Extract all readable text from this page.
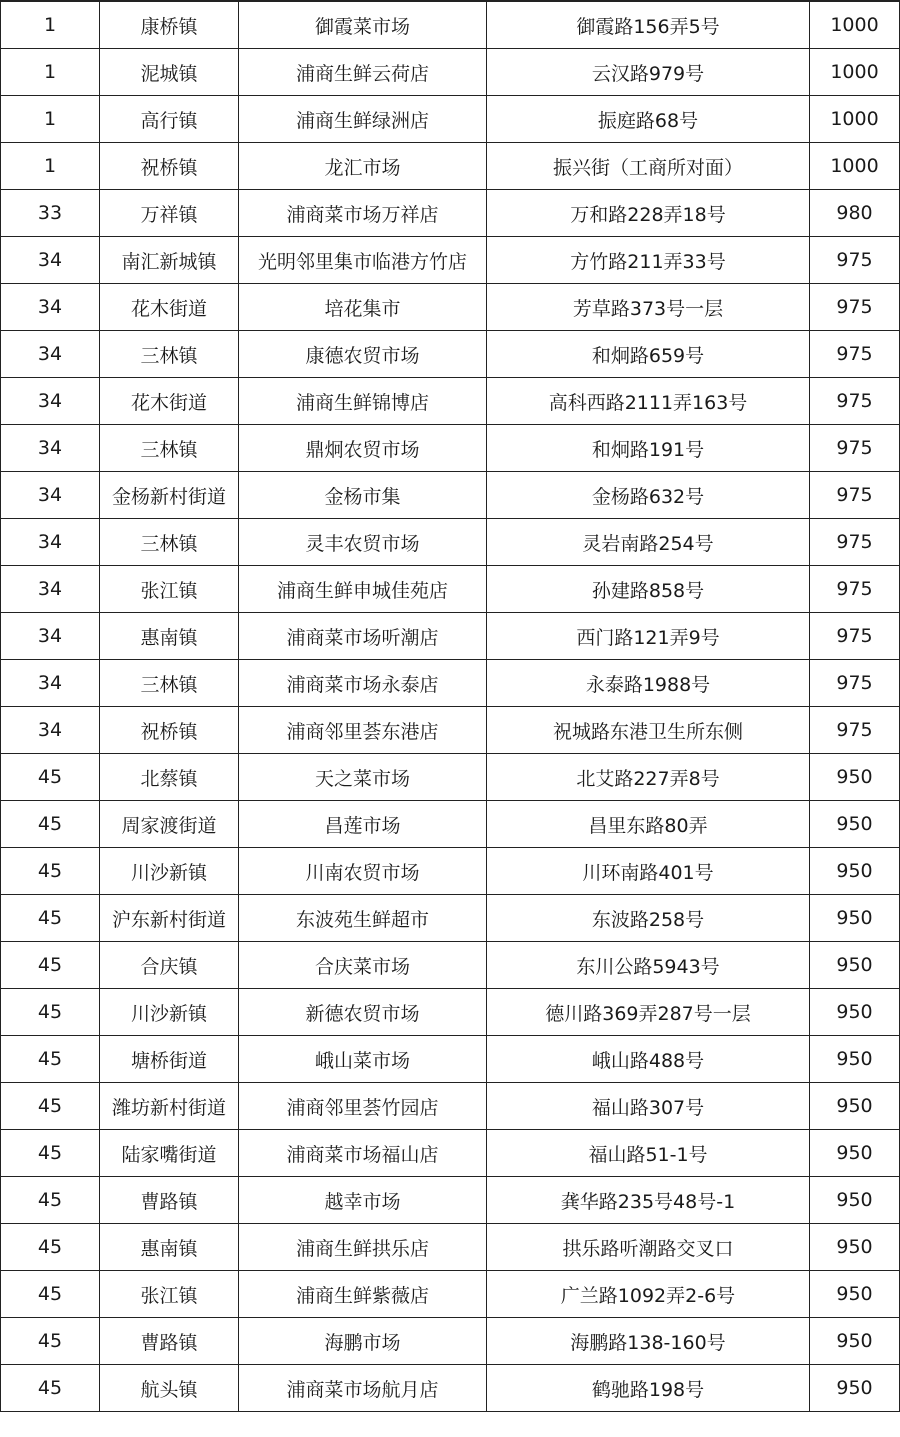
1	康桥镇	御霞菜市场	御霞路156弄5号	1000
1	泥城镇	浦商生鲜云荷店	云汉路979号	1000
1	高行镇	浦商生鲜绿洲店	振庭路68号	1000
1	祝桥镇	龙汇市场	振兴街（工商所对面）	1000
33	万祥镇	浦商菜市场万祥店	万和路228弄18号	980
34	南汇新城镇	光明邻里集市临港方竹店	方竹路211弄33号	975
34	花木街道	培花集市	芳草路373号一层	975
34	三林镇	康德农贸市场	和炯路659号	975
34	花木街道	浦商生鲜锦博店	高科西路2111弄163号	975
34	三林镇	鼎炯农贸市场	和炯路191号	975
34	金杨新村街道	金杨市集	金杨路632号	975
34	三林镇	灵丰农贸市场	灵岩南路254号	975
34	张江镇	浦商生鲜申城佳苑店	孙建路858号	975
34	惠南镇	浦商菜市场听潮店	西门路121弄9号	975
34	三林镇	浦商菜市场永泰店	永泰路1988号	975
34	祝桥镇	浦商邻里荟东港店	祝城路东港卫生所东侧	975
45	北蔡镇	天之菜市场	北艾路227弄8号	950
45	周家渡街道	昌莲市场	昌里东路80弄	950
45	川沙新镇	川南农贸市场	川环南路401号	950
45	沪东新村街道	东波苑生鲜超市	东波路258号	950
45	合庆镇	合庆菜市场	东川公路5943号	950
45	川沙新镇	新德农贸市场	德川路369弄287号一层	950
45	塘桥街道	峨山菜市场	峨山路488号	950
45	潍坊新村街道	浦商邻里荟竹园店	福山路307号	950
45	陆家嘴街道	浦商菜市场福山店	福山路51-1号	950
45	曹路镇	越幸市场	龚华路235号48号-1	950
45	惠南镇	浦商生鲜拱乐店	拱乐路听潮路交叉口	950
45	张江镇	浦商生鲜紫薇店	广兰路1092弄2-6号	950
45	曹路镇	海鹏市场	海鹏路138-160号	950
45	航头镇	浦商菜市场航月店	鹤驰路198号	950
